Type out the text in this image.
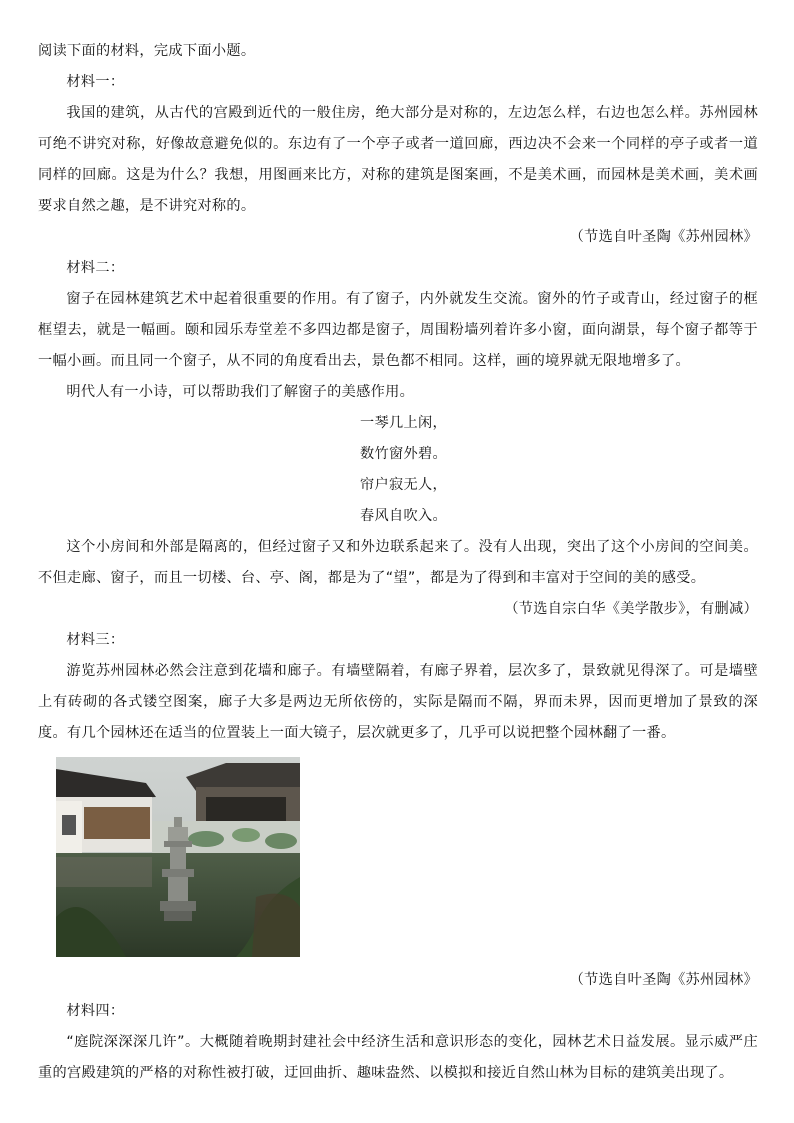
阅读下面的材料，完成下面小题。

材料一：

我国的建筑，从古代的宫殿到近代的一般住房，绝大部分是对称的，左边怎么样，右边也怎么样。苏州园林可绝不讲究对称，好像故意避免似的。东边有了一个亭子或者一道回廊，西边决不会来一个同样的亭子或者一道同样的回廊。这是为什么？我想，用图画来比方，对称的建筑是图案画，不是美术画，而园林是美术画，美术画要求自然之趣，是不讲究对称的。

（节选自叶圣陶《苏州园林》

材料二：

窗子在园林建筑艺术中起着很重要的作用。有了窗子，内外就发生交流。窗外的竹子或青山，经过窗子的框框望去，就是一幅画。颐和园乐寿堂差不多四边都是窗子，周围粉墙列着许多小窗，面向湖景，每个窗子都等于一幅小画。而且同一个窗子，从不同的角度看出去，景色都不相同。这样，画的境界就无限地增多了。

明代人有一小诗，可以帮助我们了解窗子的美感作用。

一琴几上闲，

数竹窗外碧。

帘户寂无人，

春风自吹入。

这个小房间和外部是隔离的，但经过窗子又和外边联系起来了。没有人出现，突出了这个小房间的空间美。不但走廊、窗子，而且一切楼、台、亭、阁，都是为了“望”，都是为了得到和丰富对于空间的美的感受。

（节选自宗白华《美学散步》，有删减）

材料三：

游览苏州园林必然会注意到花墙和廊子。有墙壁隔着，有廊子界着，层次多了，景致就见得深了。可是墙壁上有砖砌的各式镂空图案，廊子大多是两边无所依傍的，实际是隔而不隔，界而未界，因而更增加了景致的深度。有几个园林还在适当的位置装上一面大镜子，层次就更多了，几乎可以说把整个园林翻了一番。

（节选自叶圣陶《苏州园林》

材料四：

“庭院深深深几许”。大概随着晚期封建社会中经济生活和意识形态的变化，园林艺术日益发展。显示威严庄重的宫殿建筑的严格的对称性被打破，迂回曲折、趣味盎然、以模拟和接近自然山林为目标的建筑美出现了。
